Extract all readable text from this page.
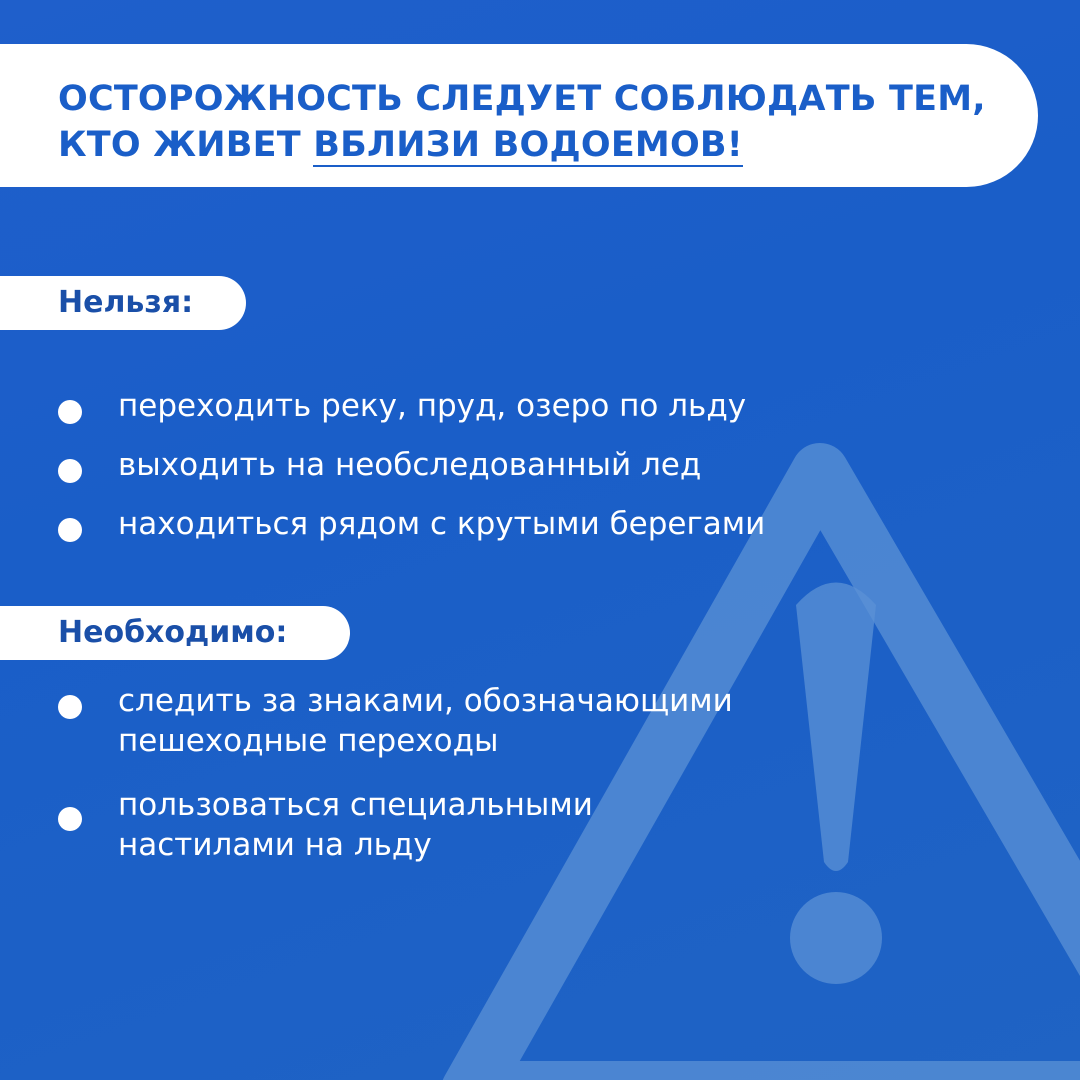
ОСТОРОЖНОСТЬ СЛЕДУЕТ СОБЛЮДАТЬ ТЕМ,
КТО ЖИВЕТ ВБЛИЗИ ВОДОЕМОВ!
Нельзя:
переходить реку, пруд, озеро по льду
выходить на необследованный лед
находиться рядом с крутыми берегами
Необходимо:
следить за знаками, обозначающими
пешеходные переходы
пользоваться специальными
настилами на льду
